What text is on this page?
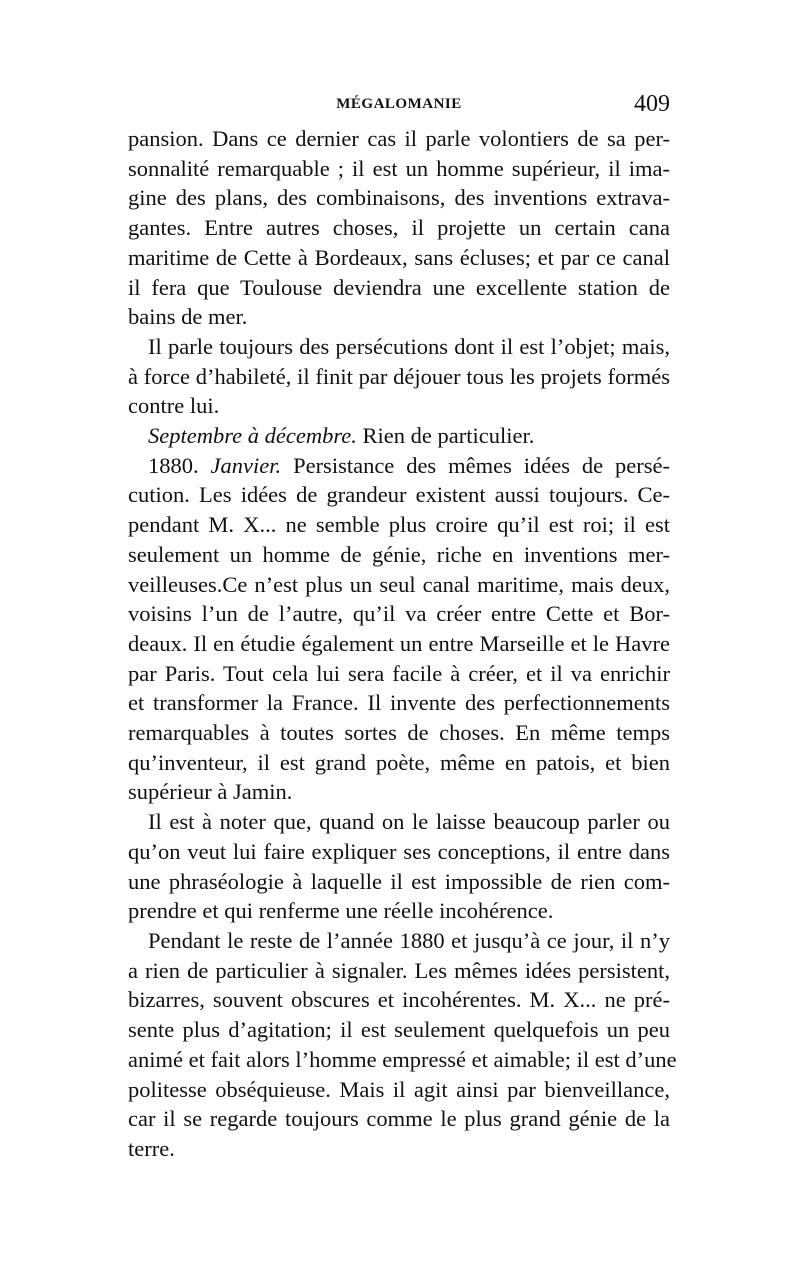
MÉGALOMANIE	409
pansion. Dans ce dernier cas il parle volontiers de sa per-
sonnalité remarquable ; il est un homme supérieur, il ima-
gine des plans, des combinaisons, des inventions extrava-
gantes. Entre autres choses, il projette un certain cana
maritime de Cette à Bordeaux, sans écluses; et par ce canal
il fera que Toulouse deviendra une excellente station de
bains de mer.
Il parle toujours des persécutions dont il est l’objet; mais,
à force d’habileté, il finit par déjouer tous les projets formés
contre lui.
Septembre à décembre. Rien de particulier.
1880. Janvier. Persistance des mêmes idées de persé-
cution. Les idées de grandeur existent aussi toujours. Ce-
pendant M. X... ne semble plus croire qu’il est roi; il est
seulement un homme de génie, riche en inventions mer-
veilleuses.Ce n’est plus un seul canal maritime, mais deux,
voisins l’un de l’autre, qu’il va créer entre Cette et Bor-
deaux. Il en étudie également un entre Marseille et le Havre
par Paris. Tout cela lui sera facile à créer, et il va enrichir
et transformer la France. Il invente des perfectionnements
remarquables à toutes sortes de choses. En même temps
qu’inventeur, il est grand poète, même en patois, et bien
supérieur à Jamin.
Il est à noter que, quand on le laisse beaucoup parler ou
qu’on veut lui faire expliquer ses conceptions, il entre dans
une phraséologie à laquelle il est impossible de rien com-
prendre et qui renferme une réelle incohérence.
Pendant le reste de l’année 1880 et jusqu’à ce jour, il n’y
a rien de particulier à signaler. Les mêmes idées persistent,
bizarres, souvent obscures et incohérentes. M. X... ne pré-
sente plus d’agitation; il est seulement quelquefois un peu
animé et fait alors l’homme empressé et aimable; il est d’une
politesse obséquieuse. Mais il agit ainsi par bienveillance,
car il se regarde toujours comme le plus grand génie de la
terre.
